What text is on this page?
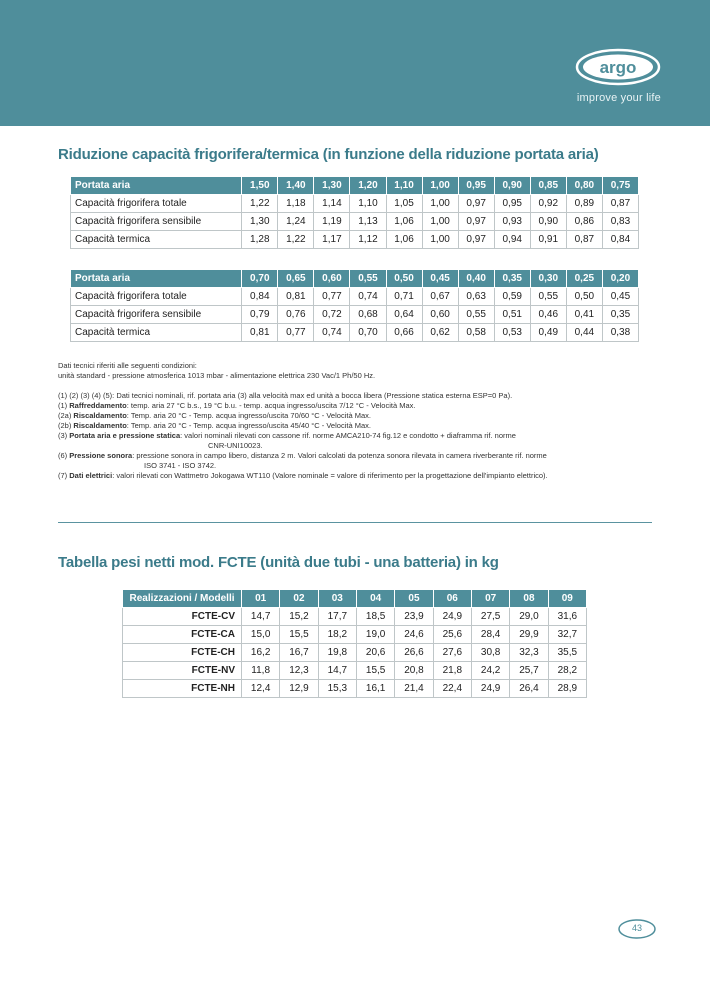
argo
improve your life
Riduzione capacità frigorifera/termica (in funzione della riduzione portata aria)
Portata aria	1,50	1,40	1,30	1,20	1,10	1,00	0,95	0,90	0,85	0,80	0,75
Capacità frigorifera totale	1,22	1,18	1,14	1,10	1,05	1,00	0,97	0,95	0,92	0,89	0,87
Capacità frigorifera sensibile	1,30	1,24	1,19	1,13	1,06	1,00	0,97	0,93	0,90	0,86	0,83
Capacità termica	1,28	1,22	1,17	1,12	1,06	1,00	0,97	0,94	0,91	0,87	0,84
Portata aria	0,70	0,65	0,60	0,55	0,50	0,45	0,40	0,35	0,30	0,25	0,20
Capacità frigorifera totale	0,84	0,81	0,77	0,74	0,71	0,67	0,63	0,59	0,55	0,50	0,45
Capacità frigorifera sensibile	0,79	0,76	0,72	0,68	0,64	0,60	0,55	0,51	0,46	0,41	0,35
Capacità termica	0,81	0,77	0,74	0,70	0,66	0,62	0,58	0,53	0,49	0,44	0,38

Dati tecnici riferiti alle seguenti condizioni:

unità standard - pressione atmosferica 1013 mbar - alimentazione elettrica 230 Vac/1 Ph/50 Hz.

(1) (2) (3) (4) (5): Dati tecnici nominali, rif. portata aria (3) alla velocità max ed unità a bocca libera (Pressione statica esterna ESP=0 Pa).

(1) Raffreddamento: temp. aria 27 °C b.s., 19 °C b.u. - temp. acqua ingresso/uscita 7/12 °C - Velocità Max.

(2a) Riscaldamento: Temp. aria 20 °C - Temp. acqua ingresso/uscita 70/60 °C - Velocità Max.

(2b) Riscaldamento: Temp. aria 20 °C - Temp. acqua ingresso/uscita 45/40 °C - Velocità Max.

(3) Portata aria e pressione statica: valori nominali rilevati con cassone rif. norme AMCA210-74 fig.12 e condotto + diaframma rif. norme

CNR-UNI10023.

(6) Pressione sonora: pressione sonora in campo libero, distanza 2 m. Valori calcolati da potenza sonora rilevata in camera riverberante rif. norme

ISO 3741 - ISO 3742.

(7) Dati elettrici: valori rilevati con Wattmetro Jokogawa WT110 (Valore nominale = valore di riferimento per la progettazione dell'impianto elettrico).

Tabella pesi netti mod. FCTE (unità due tubi - una batteria) in kg
Realizzazioni / Modelli	01	02	03	04	05	06	07	08	09
FCTE-CV	14,7	15,2	17,7	18,5	23,9	24,9	27,5	29,0	31,6
FCTE-CA	15,0	15,5	18,2	19,0	24,6	25,6	28,4	29,9	32,7
FCTE-CH	16,2	16,7	19,8	20,6	26,6	27,6	30,8	32,3	35,5
FCTE-NV	11,8	12,3	14,7	15,5	20,8	21,8	24,2	25,7	28,2
FCTE-NH	12,4	12,9	15,3	16,1	21,4	22,4	24,9	26,4	28,9
43
